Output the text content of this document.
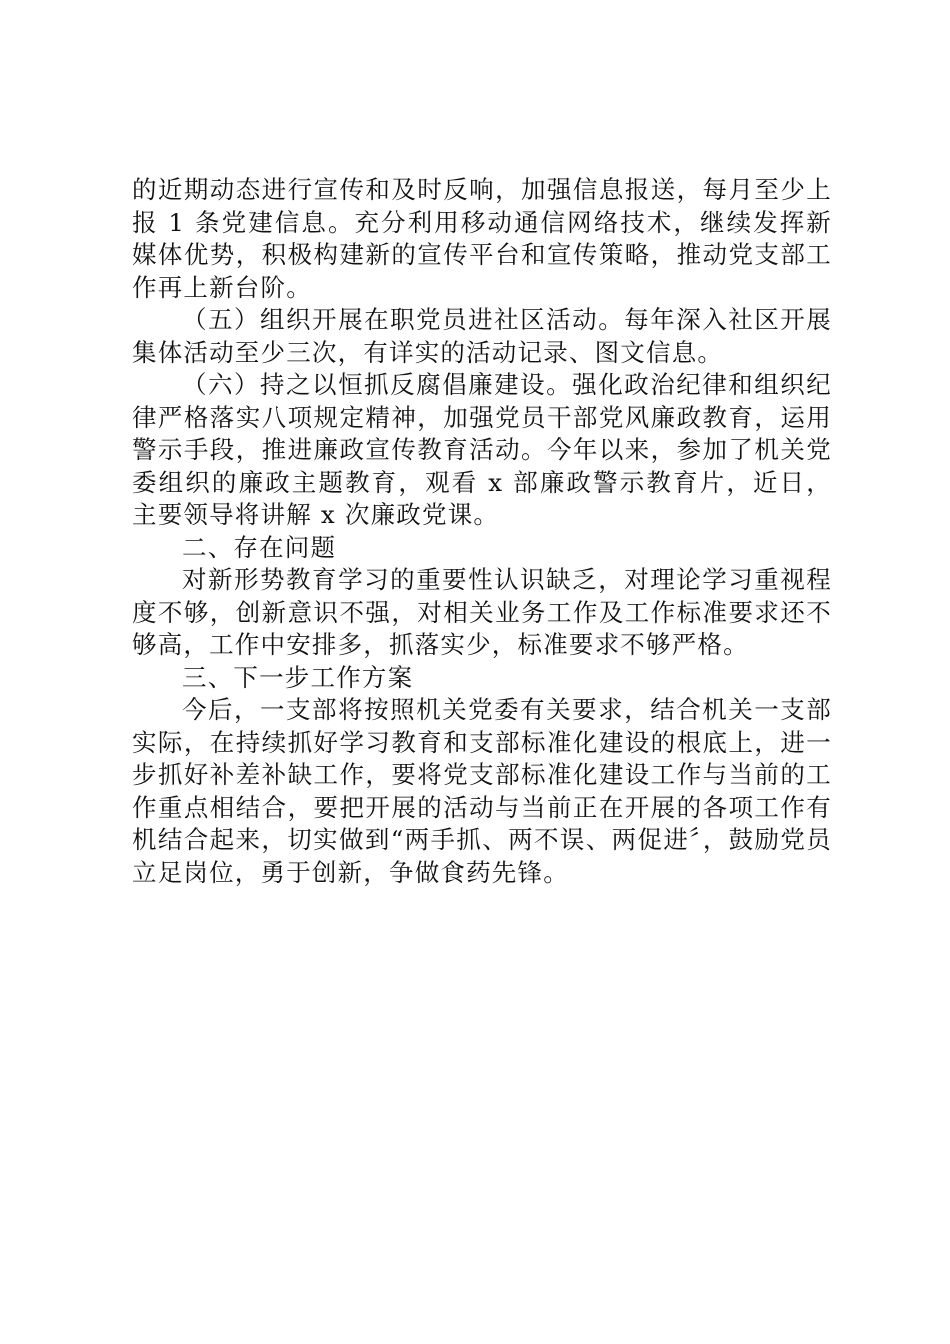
的近期动态进行宣传和及时反响，加强信息报送，每月至少上报 1 条党建信息。充分利用移动通信网络技术，继续发挥新媒体优势，积极构建新的宣传平台和宣传策略，推动党支部工作再上新台阶。

（五）组织开展在职党员进社区活动。每年深入社区开展集体活动至少三次，有详实的活动记录、图文信息。

（六）持之以恒抓反腐倡廉建设。强化政治纪律和组织纪律严格落实八项规定精神，加强党员干部党风廉政教育，运用警示手段，推进廉政宣传教育活动。今年以来，参加了机关党委组织的廉政主题教育，观看 x 部廉政警示教育片，近日，主要领导将讲解 x 次廉政党课。

二、存在问题

对新形势教育学习的重要性认识缺乏，对理论学习重视程度不够，创新意识不强，对相关业务工作及工作标准要求还不够高，工作中安排多，抓落实少，标准要求不够严格。

三、下一步工作方案

今后，一支部将按照机关党委有关要求，结合机关一支部实际，在持续抓好学习教育和支部标准化建设的根底上，进一步抓好补差补缺工作，要将党支部标准化建设工作与当前的工作重点相结合，要把开展的活动与当前正在开展的各项工作有机结合起来，切实做到“两手抓、两不误、两促进〞，鼓励党员立足岗位，勇于创新，争做食药先锋。
